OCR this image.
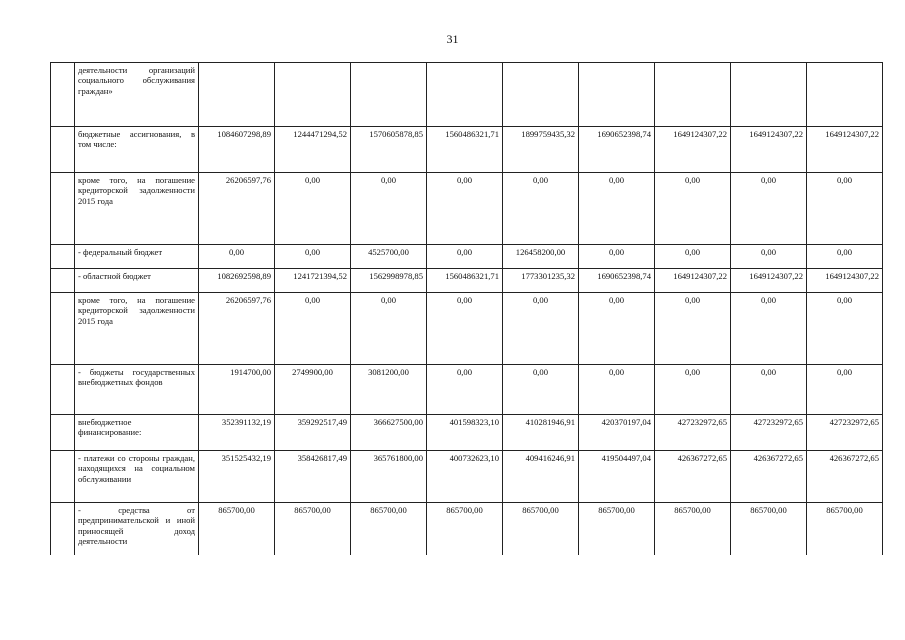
31
	деятельности организаций социального обслуживания граждан»									
	бюджетные ассигнования, в том числе:	1084607298,89	1244471294,52	1570605878,85	1560486321,71	1899759435,32	1690652398,74	1649124307,22	1649124307,22	1649124307,22
	кроме того, на погашение кредиторской задолженности 2015 года	26206597,76	0,00	0,00	0,00	0,00	0,00	0,00	0,00	0,00
	- федеральный бюджет	0,00	0,00	4525700,00	0,00	126458200,00	0,00	0,00	0,00	0,00
	- областной бюджет	1082692598,89	1241721394,52	1562998978,85	1560486321,71	1773301235,32	1690652398,74	1649124307,22	1649124307,22	1649124307,22
	кроме того, на погашение кредиторской задолженности 2015 года	26206597,76	0,00	0,00	0,00	0,00	0,00	0,00	0,00	0,00
	- бюджеты государственных внебюджетных фондов	1914700,00	2749900,00	3081200,00	0,00	0,00	0,00	0,00	0,00	0,00
	внебюджетное финансирование:	352391132,19	359292517,49	366627500,00	401598323,10	410281946,91	420370197,04	427232972,65	427232972,65	427232972,65
	- платежи со стороны граждан, находящихся на социальном обслуживании	351525432,19	358426817,49	365761800,00	400732623,10	409416246,91	419504497,04	426367272,65	426367272,65	426367272,65
	- средства от предпринимательской и иной приносящей доход деятельности	865700,00	865700,00	865700,00	865700,00	865700,00	865700,00	865700,00	865700,00	865700,00
